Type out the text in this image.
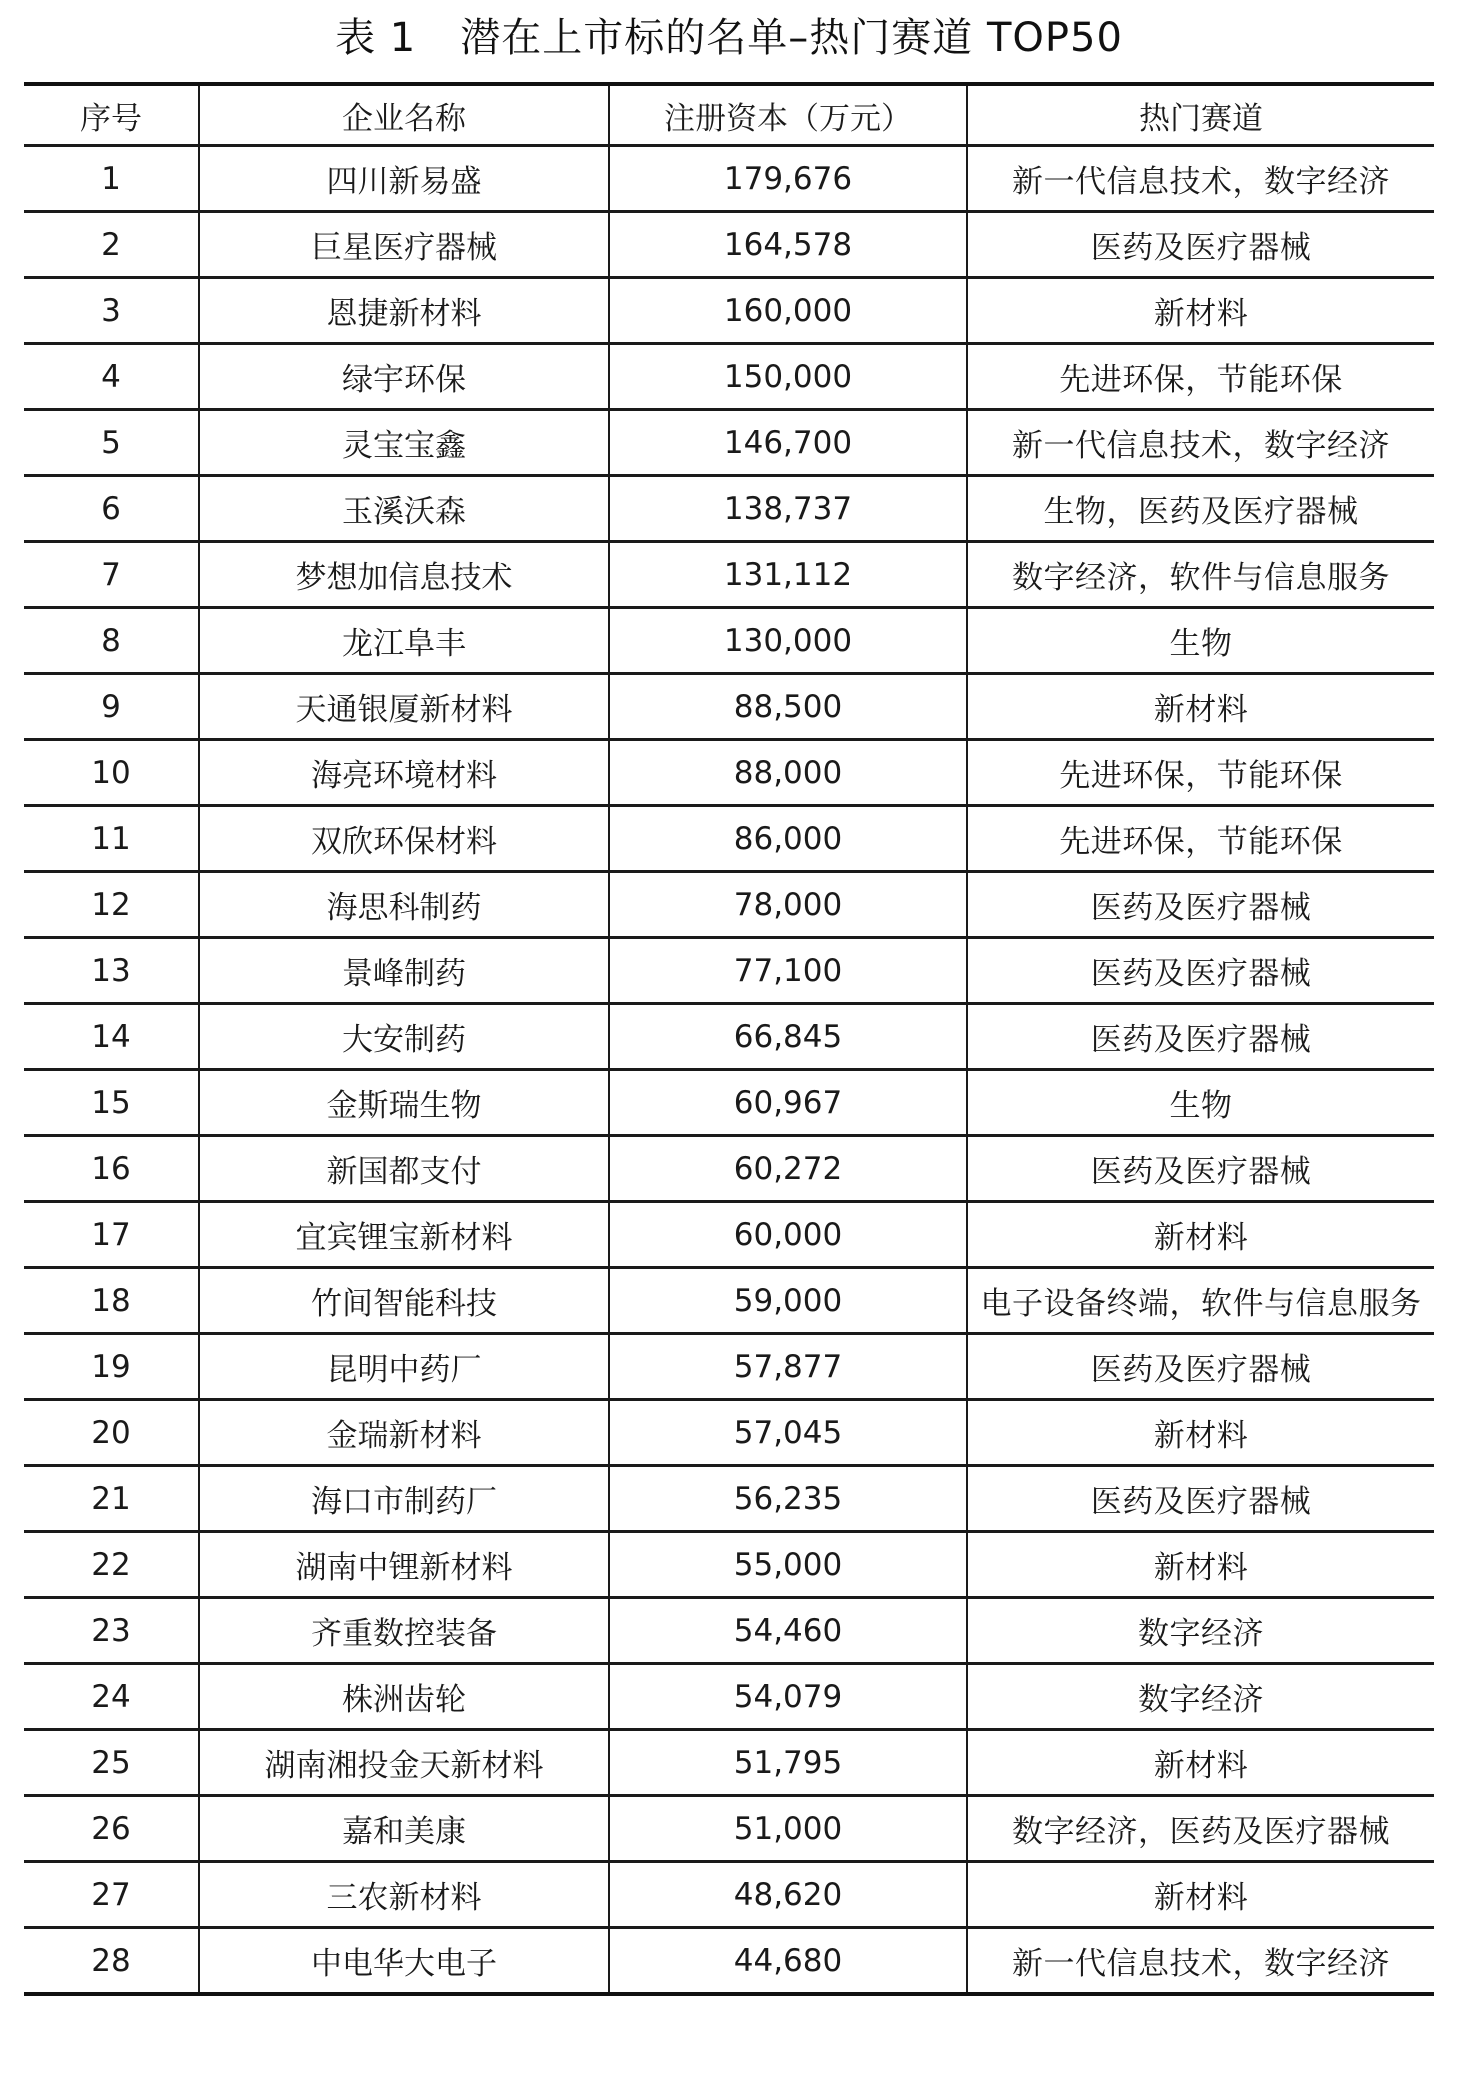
表 1 潜在上市标的名单–热门赛道 TOP50
序号	企业名称	注册资本（万元）	热门赛道
1	四川新易盛	179,676	新一代信息技术，数字经济
2	巨星医疗器械	164,578	医药及医疗器械
3	恩捷新材料	160,000	新材料
4	绿宇环保	150,000	先进环保，节能环保
5	灵宝宝鑫	146,700	新一代信息技术，数字经济
6	玉溪沃森	138,737	生物，医药及医疗器械
7	梦想加信息技术	131,112	数字经济，软件与信息服务
8	龙江阜丰	130,000	生物
9	天通银厦新材料	88,500	新材料
10	海亮环境材料	88,000	先进环保，节能环保
11	双欣环保材料	86,000	先进环保，节能环保
12	海思科制药	78,000	医药及医疗器械
13	景峰制药	77,100	医药及医疗器械
14	大安制药	66,845	医药及医疗器械
15	金斯瑞生物	60,967	生物
16	新国都支付	60,272	医药及医疗器械
17	宜宾锂宝新材料	60,000	新材料
18	竹间智能科技	59,000	电子设备终端，软件与信息服务
19	昆明中药厂	57,877	医药及医疗器械
20	金瑞新材料	57,045	新材料
21	海口市制药厂	56,235	医药及医疗器械
22	湖南中锂新材料	55,000	新材料
23	齐重数控装备	54,460	数字经济
24	株洲齿轮	54,079	数字经济
25	湖南湘投金天新材料	51,795	新材料
26	嘉和美康	51,000	数字经济，医药及医疗器械
27	三农新材料	48,620	新材料
28	中电华大电子	44,680	新一代信息技术，数字经济
